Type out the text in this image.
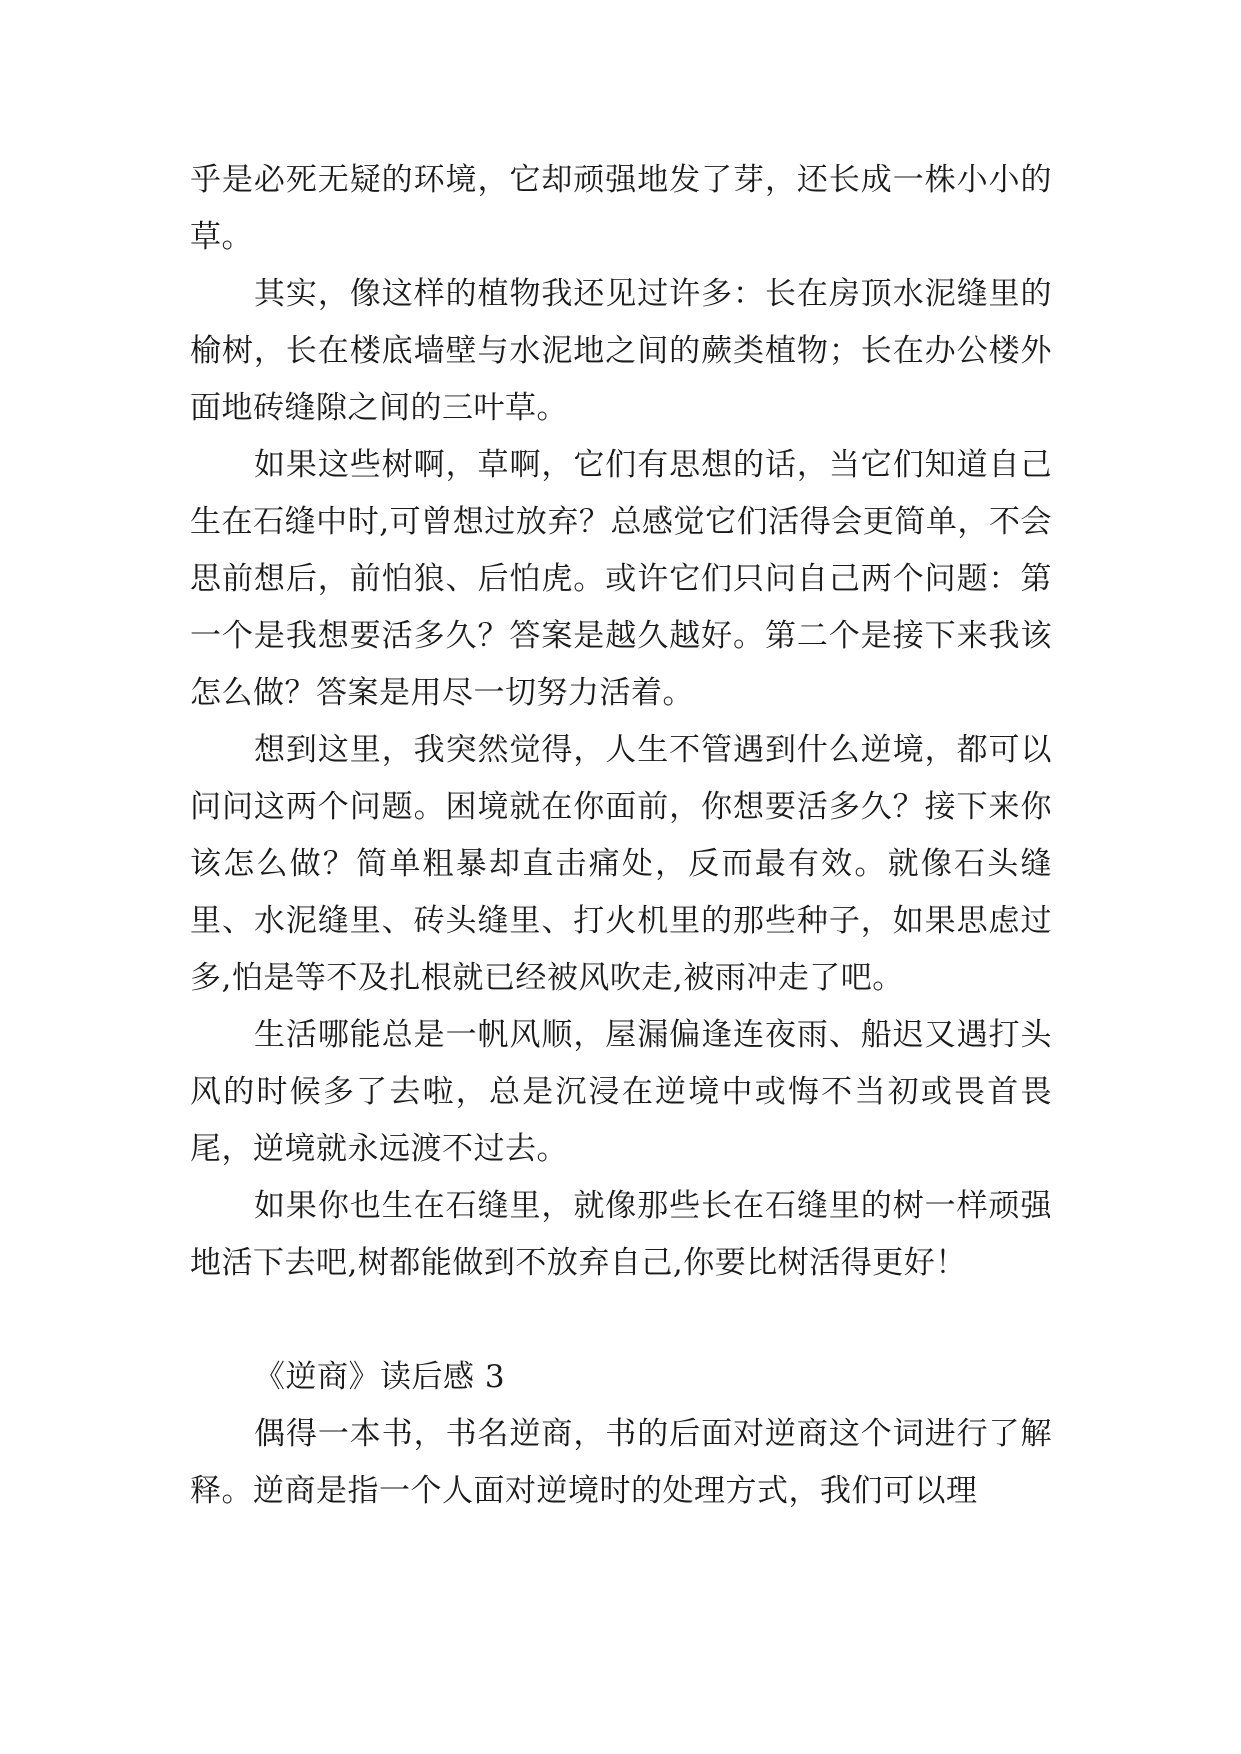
乎是必死无疑的环境，它却顽强地发了芽，还长成一株小小的草。

其实，像这样的植物我还见过许多：长在房顶水泥缝里的榆树，长在楼底墙壁与水泥地之间的蕨类植物；长在办公楼外面地砖缝隙之间的三叶草。

如果这些树啊，草啊，它们有思想的话，当它们知道自己生在石缝中时,可曾想过放弃？总感觉它们活得会更简单，不会思前想后，前怕狼、后怕虎。或许它们只问自己两个问题：第一个是我想要活多久？答案是越久越好。第二个是接下来我该怎么做？答案是用尽一切努力活着。

想到这里，我突然觉得，人生不管遇到什么逆境，都可以问问这两个问题。困境就在你面前，你想要活多久？接下来你该怎么做？简单粗暴却直击痛处，反而最有效。就像石头缝里、水泥缝里、砖头缝里、打火机里的那些种子，如果思虑过多,怕是等不及扎根就已经被风吹走,被雨冲走了吧。

生活哪能总是一帆风顺，屋漏偏逢连夜雨、船迟又遇打头风的时候多了去啦，总是沉浸在逆境中或悔不当初或畏首畏尾，逆境就永远渡不过去。

如果你也生在石缝里，就像那些长在石缝里的树一样顽强地活下去吧,树都能做到不放弃自己,你要比树活得更好！

《逆商》读后感 3

偶得一本书，书名逆商，书的后面对逆商这个词进行了解释。逆商是指一个人面对逆境时的处理方式，我们可以理
